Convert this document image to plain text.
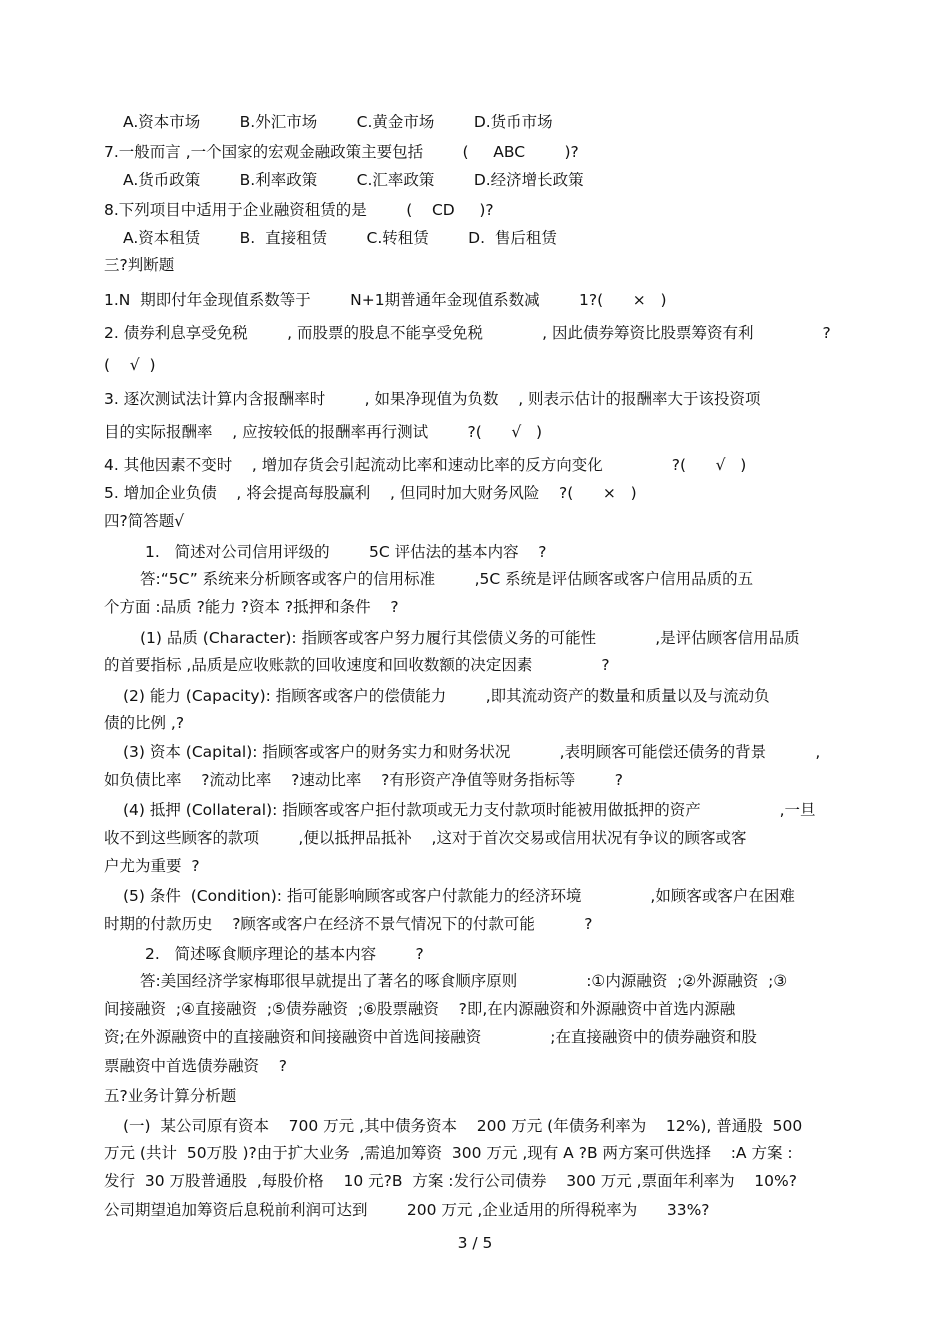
A.资本市场        B.外汇市场        C.黄金市场        D.货币市场
7.一般而言 ,一个国家的宏观金融政策主要包括        (     ABC        )?
A.货币政策        B.利率政策        C.汇率政策        D.经济增长政策
8.下列项目中适用于企业融资租赁的是        (    CD     )?
A.资本租赁        B.  直接租赁        C.转租赁        D.  售后租赁
三?判断题
1.N  期即付年金现值系数等于        N+1期普通年金现值系数减        1?(      ×   )
2. 债券利息享受免税        , 而股票的股息不能享受免税            , 因此债券筹资比股票筹资有利              ?
(    √  )
3. 逐次测试法计算内含报酬率时        , 如果净现值为负数    , 则表示估计的报酬率大于该投资项
目的实际报酬率    , 应按较低的报酬率再行测试        ?(      √   )
4. 其他因素不变时    , 增加存货会引起流动比率和速动比率的反方向变化              ?(      √   )
5. 增加企业负债    , 将会提高每股赢利    , 但同时加大财务风险    ?(      ×   )
四?简答题√
1.   简述对公司信用评级的        5C 评估法的基本内容    ?
答:“5C” 系统来分析顾客或客户的信用标准        ,5C 系统是评估顾客或客户信用品质的五
个方面 :品质 ?能力 ?资本 ?抵押和条件    ?
(1) 品质 (Character): 指顾客或客户努力履行其偿债义务的可能性            ,是评估顾客信用品质
的首要指标 ,品质是应收账款的回收速度和回收数额的决定因素              ?
(2) 能力 (Capacity): 指顾客或客户的偿债能力        ,即其流动资产的数量和质量以及与流动负
债的比例 ,?
(3) 资本 (Capital): 指顾客或客户的财务实力和财务状况          ,表明顾客可能偿还债务的背景          ,
如负债比率    ?流动比率    ?速动比率    ?有形资产净值等财务指标等        ?
(4) 抵押 (Collateral): 指顾客或客户拒付款项或无力支付款项时能被用做抵押的资产                ,一旦
收不到这些顾客的款项        ,便以抵押品抵补    ,这对于首次交易或信用状况有争议的顾客或客
户尤为重要  ?
(5) 条件  (Condition): 指可能影响顾客或客户付款能力的经济环境              ,如顾客或客户在困难
时期的付款历史    ?顾客或客户在经济不景气情况下的付款可能          ?
2.   简述啄食顺序理论的基本内容        ?
答:美国经济学家梅耶很早就提出了著名的啄食顺序原则              :①内源融资  ;②外源融资  ;③
间接融资  ;④直接融资  ;⑤债券融资  ;⑥股票融资    ?即,在内源融资和外源融资中首选内源融
资;在外源融资中的直接融资和间接融资中首选间接融资              ;在直接融资中的债券融资和股
票融资中首选债券融资    ?
五?业务计算分析题
(一)  某公司原有资本    700 万元 ,其中债务资本    200 万元 (年债务利率为    12%), 普通股  500
万元 (共计  50万股 )?由于扩大业务  ,需追加筹资  300 万元 ,现有 A ?B 两方案可供选择    :A 方案 :
发行  30 万股普通股  ,每股价格    10 元?B  方案 :发行公司债券    300 万元 ,票面年利率为    10%?
公司期望追加筹资后息税前利润可达到        200 万元 ,企业适用的所得税率为      33%?
3 / 5
